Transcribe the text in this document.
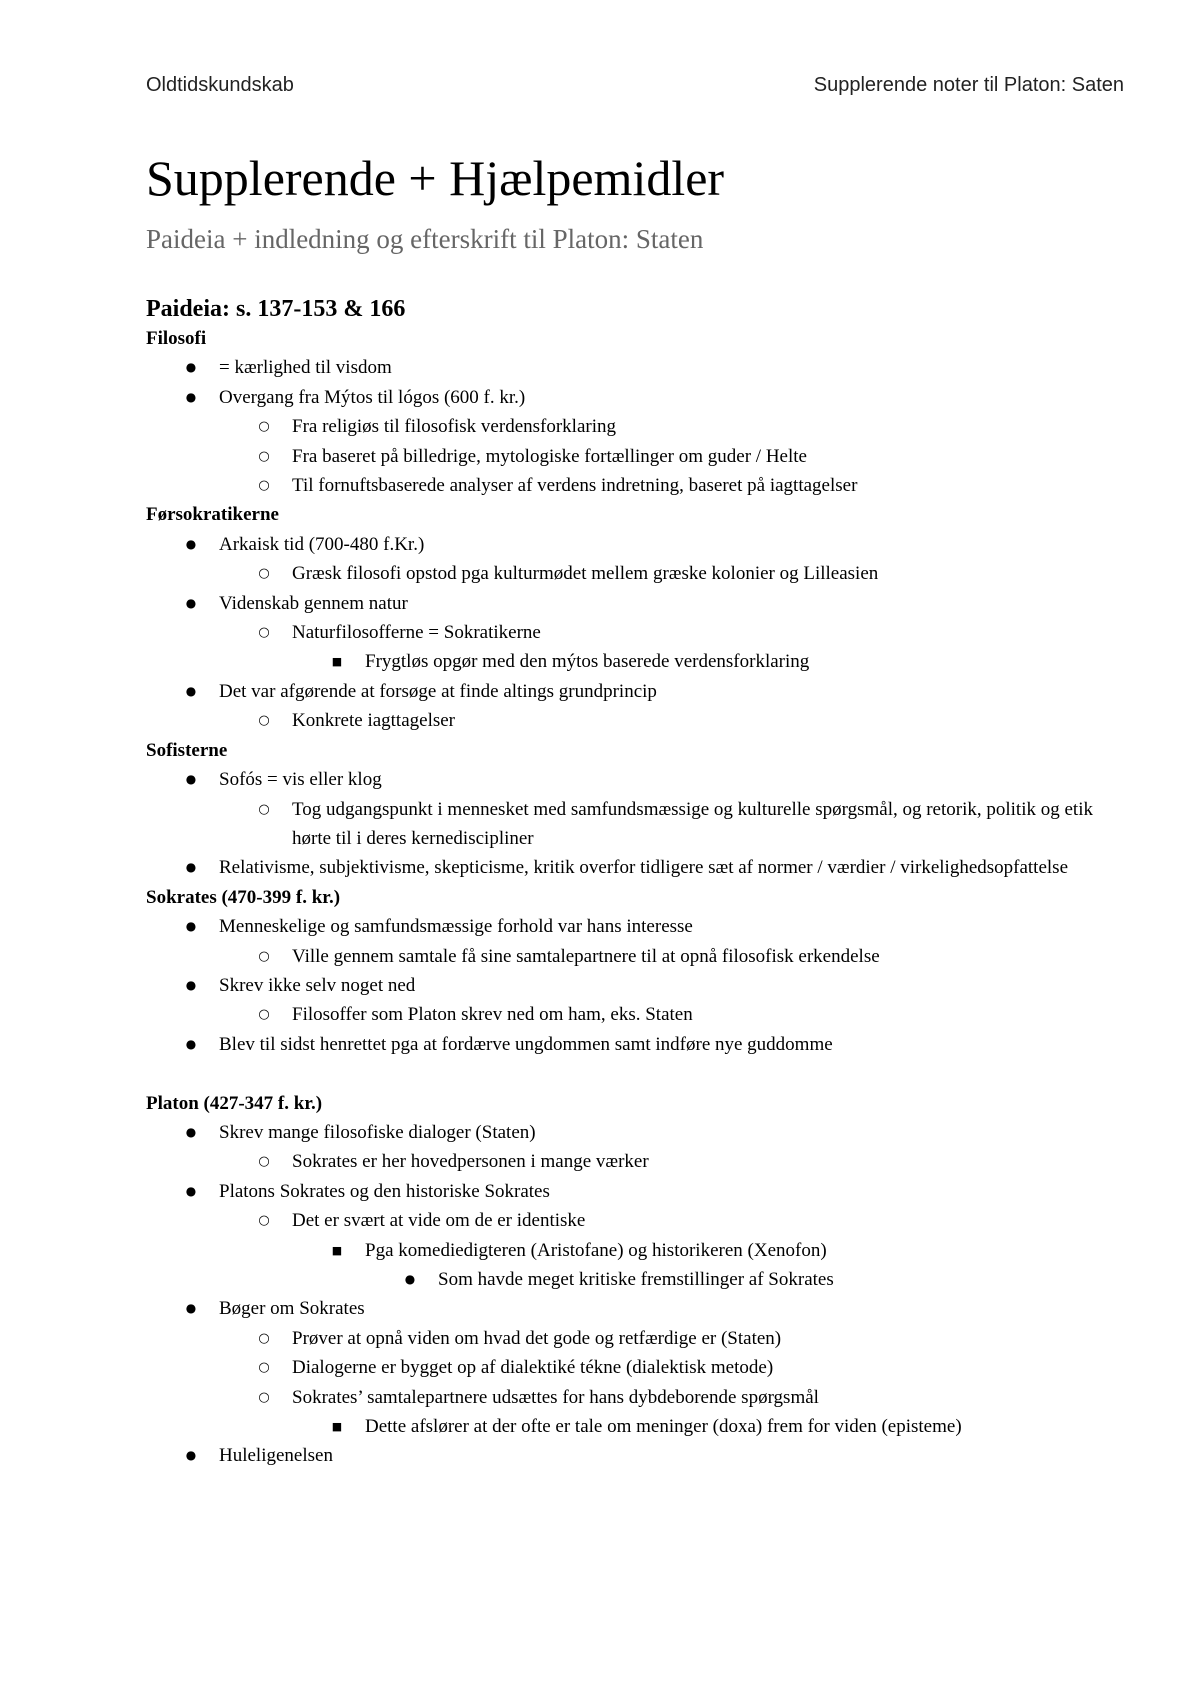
Oldtidskundskab	Supplerende noter til Platon: Saten
Supplerende + Hjælpemidler
Paideia + indledning og efterskrift til Platon: Staten
Paideia: s. 137-153 & 166
Filosofi
● = kærlighed til visdom
● Overgang fra Mýtos til lógos (600 f. kr.)
○ Fra religiøs til filosofisk verdensforklaring
○ Fra baseret på billedrige, mytologiske fortællinger om guder / Helte
○ Til fornuftsbaserede analyser af verdens indretning, baseret på iagttagelser
Førsokratikerne
● Arkaisk tid (700-480 f.Kr.)
○ Græsk filosofi opstod pga kulturmødet mellem græske kolonier og Lilleasien
● Videnskab gennem natur
○ Naturfilosofferne = Sokratikerne
■ Frygtløs opgør med den mýtos baserede verdensforklaring
● Det var afgørende at forsøge at finde altings grundprincip
○ Konkrete iagttagelser
Sofisterne
● Sofós = vis eller klog
○ Tog udgangspunkt i mennesket med samfundsmæssige og kulturelle spørgsmål, og retorik, politik og etik hørte til i deres kernediscipliner
● Relativisme, subjektivisme, skepticisme, kritik overfor tidligere sæt af normer / værdier / virkelighedsopfattelse
Sokrates (470-399 f. kr.)
● Menneskelige og samfundsmæssige forhold var hans interesse
○ Ville gennem samtale få sine samtalepartnere til at opnå filosofisk erkendelse
● Skrev ikke selv noget ned
○ Filosoffer som Platon skrev ned om ham, eks. Staten
● Blev til sidst henrettet pga at fordærve ungdommen samt indføre nye guddomme
Platon (427-347 f. kr.)
● Skrev mange filosofiske dialoger (Staten)
○ Sokrates er her hovedpersonen i mange værker
● Platons Sokrates og den historiske Sokrates
○ Det er svært at vide om de er identiske
■ Pga komediedigteren (Aristofane) og historikeren (Xenofon)
● Som havde meget kritiske fremstillinger af Sokrates
● Bøger om Sokrates
○ Prøver at opnå viden om hvad det gode og retfærdige er (Staten)
○ Dialogerne er bygget op af dialektiké tékne (dialektisk metode)
○ Sokrates’ samtalepartnere udsættes for hans dybdeborende spørgsmål
■ Dette afslører at der ofte er tale om meninger (doxa) frem for viden (episteme)
● Huleligenelsen
